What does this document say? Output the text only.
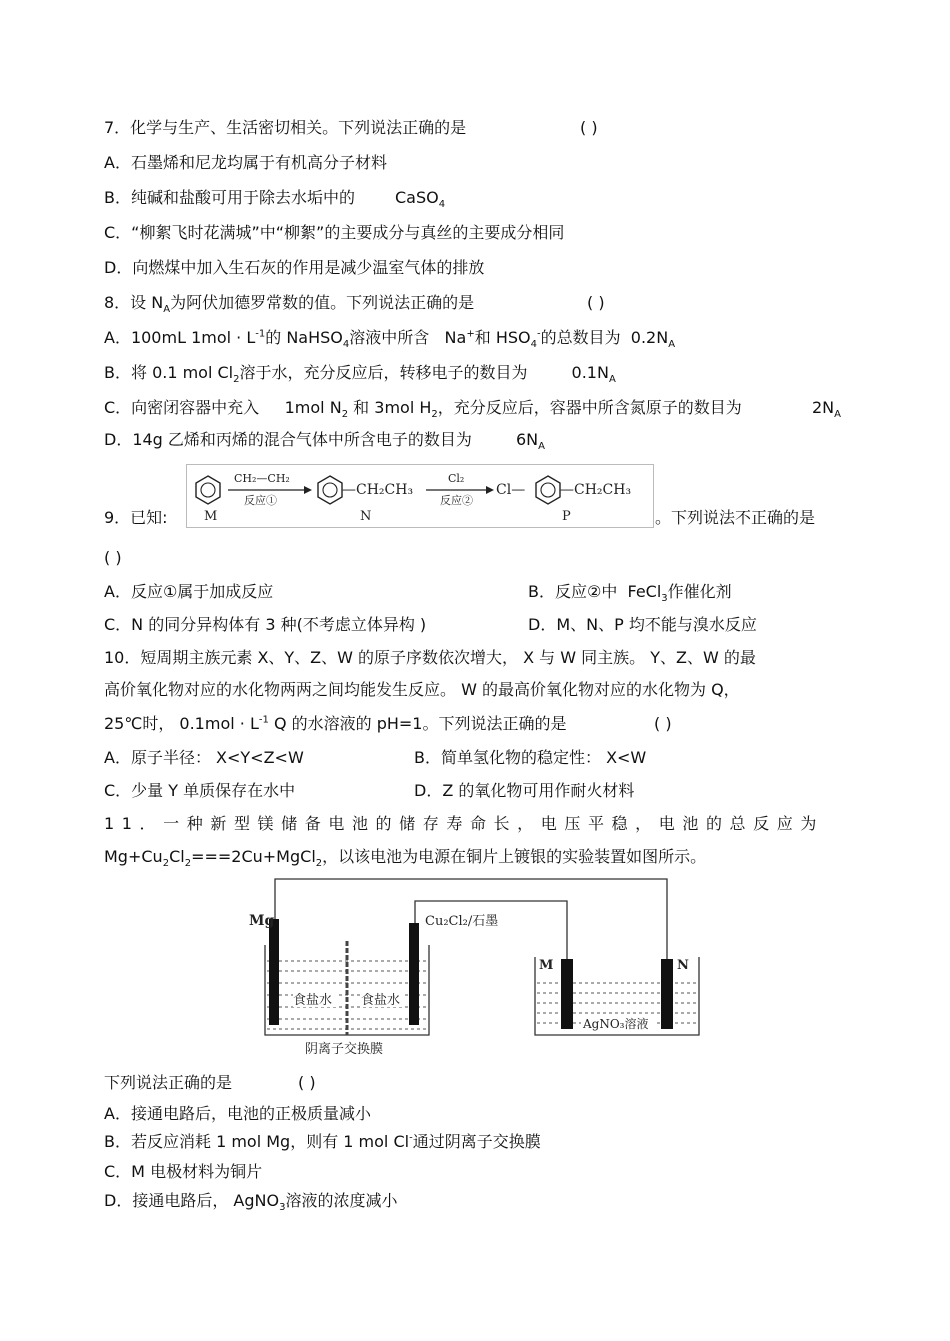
7．化学与生产、生活密切相关。下列说法正确的是	( )
A．石墨烯和尼龙均属于有机高分子材料
B．纯碱和盐酸可用于除去水垢中的	CaSO$_4$
C．“柳絮飞时花满城”中“柳絮”的主要成分与真丝的主要成分相同
D．向燃煤中加入生石灰的作用是减少温室气体的排放
8．设 $N_A$为阿伏加德罗常数的值。下列说法正确的是	( )
A．100mL $1mol \cdot L^{-1}$的 NaHSO$_4$溶液中所含 Na+和 $HSO_4^-$的总数目为 $0.2N_A$
B．将 0.1 mol $Cl_2$溶于水，充分反应后，转移电子的数目为	$0.1N_A$
C．向密闭容器中充入 1mol $N_2$ 和 3mol $H_2$，充分反应后，容器中所含氮原子的数目为	$2N_A$
D．14g 乙烯和丙烯的混合气体中所含电子的数目为	$6N_A$
9．已知:	M
CH₂—CH₂
反应①
—CH₂CH₃
N
Cl₂
反应②
Cl— —CH₂CH₃
P	。下列说法不正确的是
( )
A．反应①属于加成反应	B．反应②中 FeCl$_3$作催化剂
C．N 的同分异构体有 3 种(不考虑立体异构 )	D．M、N、P 均不能与溴水反应
10．短周期主族元素 X、Y、Z、W 的原子序数依次增大， X 与 W 同主族。 Y、Z、W 的最
高价氧化物对应的水化物两两之间均能发生反应。 W 的最高价氧化物对应的水化物为 Q，
25℃时， $0.1mol \cdot L^{-1}$ Q 的水溶液的 pH=1。下列说法正确的是	( )
A．原子半径： X<Y<Z<W	B．简单氢化物的稳定性： X<W
C．少量 Y 单质保存在水中	D．Z 的氧化物可用作耐火材料
11．一种新型镁储备电池的储存寿命长，电压平稳，电池的总反应为
$Mg+Cu_2Cl_2===2Cu+MgCl_2$，以该电池为电源在铜片上镀银的实验装置如图所示。
食盐水 食盐水
Mg	Cu₂Cl₂/石墨
阴离子交换膜
M	N
AgNO₃溶液
下列说法正确的是	( )
A．接通电路后，电池的正极质量减小
B．若反应消耗 1 mol Mg，则有 1 mol Cl-通过阴离子交换膜
C．M 电极材料为铜片
D．接通电路后， AgNO$_3$溶液的浓度减小
